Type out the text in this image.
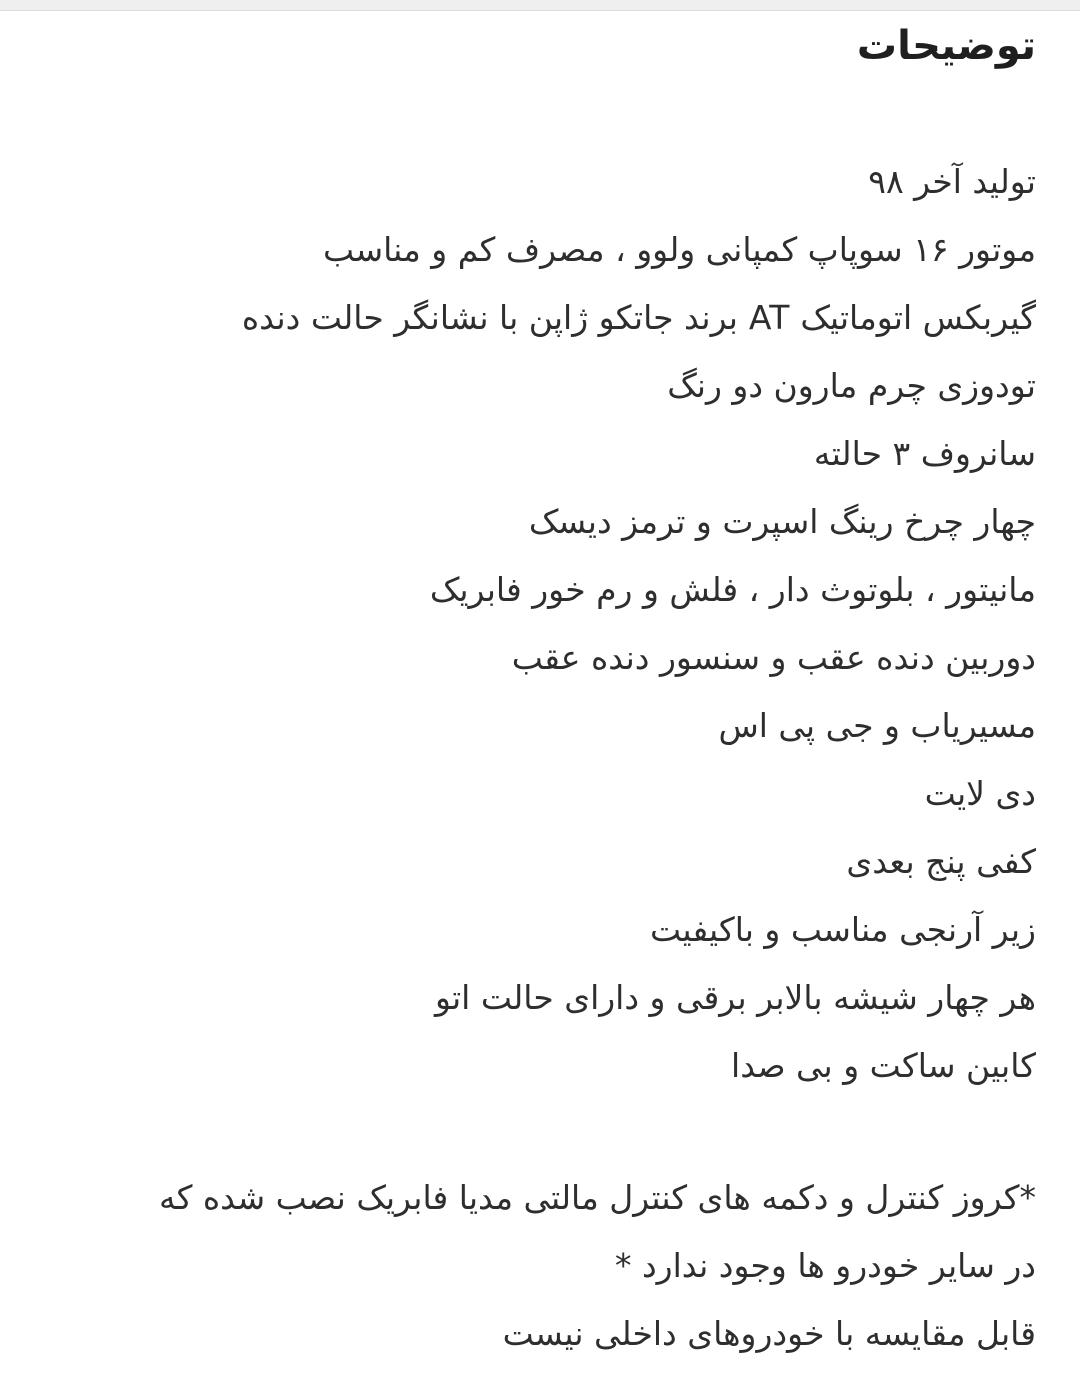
توضیحات
تولید آخر ۹۸
موتور ۱۶ سوپاپ کمپانی ولوو ، مصرف کم و مناسب
گیربکس اتوماتیک AT برند جاتکو ژاپن با نشانگر حالت دنده
تودوزی چرم مارون دو رنگ
سانروف ۳ حالته
چهار چرخ رینگ اسپرت و ترمز دیسک
مانیتور ، بلوتوث دار ، فلش و رم خور فابریک
دوربین دنده عقب و سنسور دنده عقب
مسیریاب و جی پی اس
دی لایت
کفی پنج بعدی
زیر آرنجی مناسب و باکیفیت
هر چهار شیشه بالابر برقی و دارای حالت اتو
کابین ساکت و بی صدا
*کروز کنترل و دکمه های کنترل مالتی مدیا فابریک نصب شده که
در سایر خودرو ها وجود ندارد *
قابل مقایسه با خودروهای داخلی نیست
